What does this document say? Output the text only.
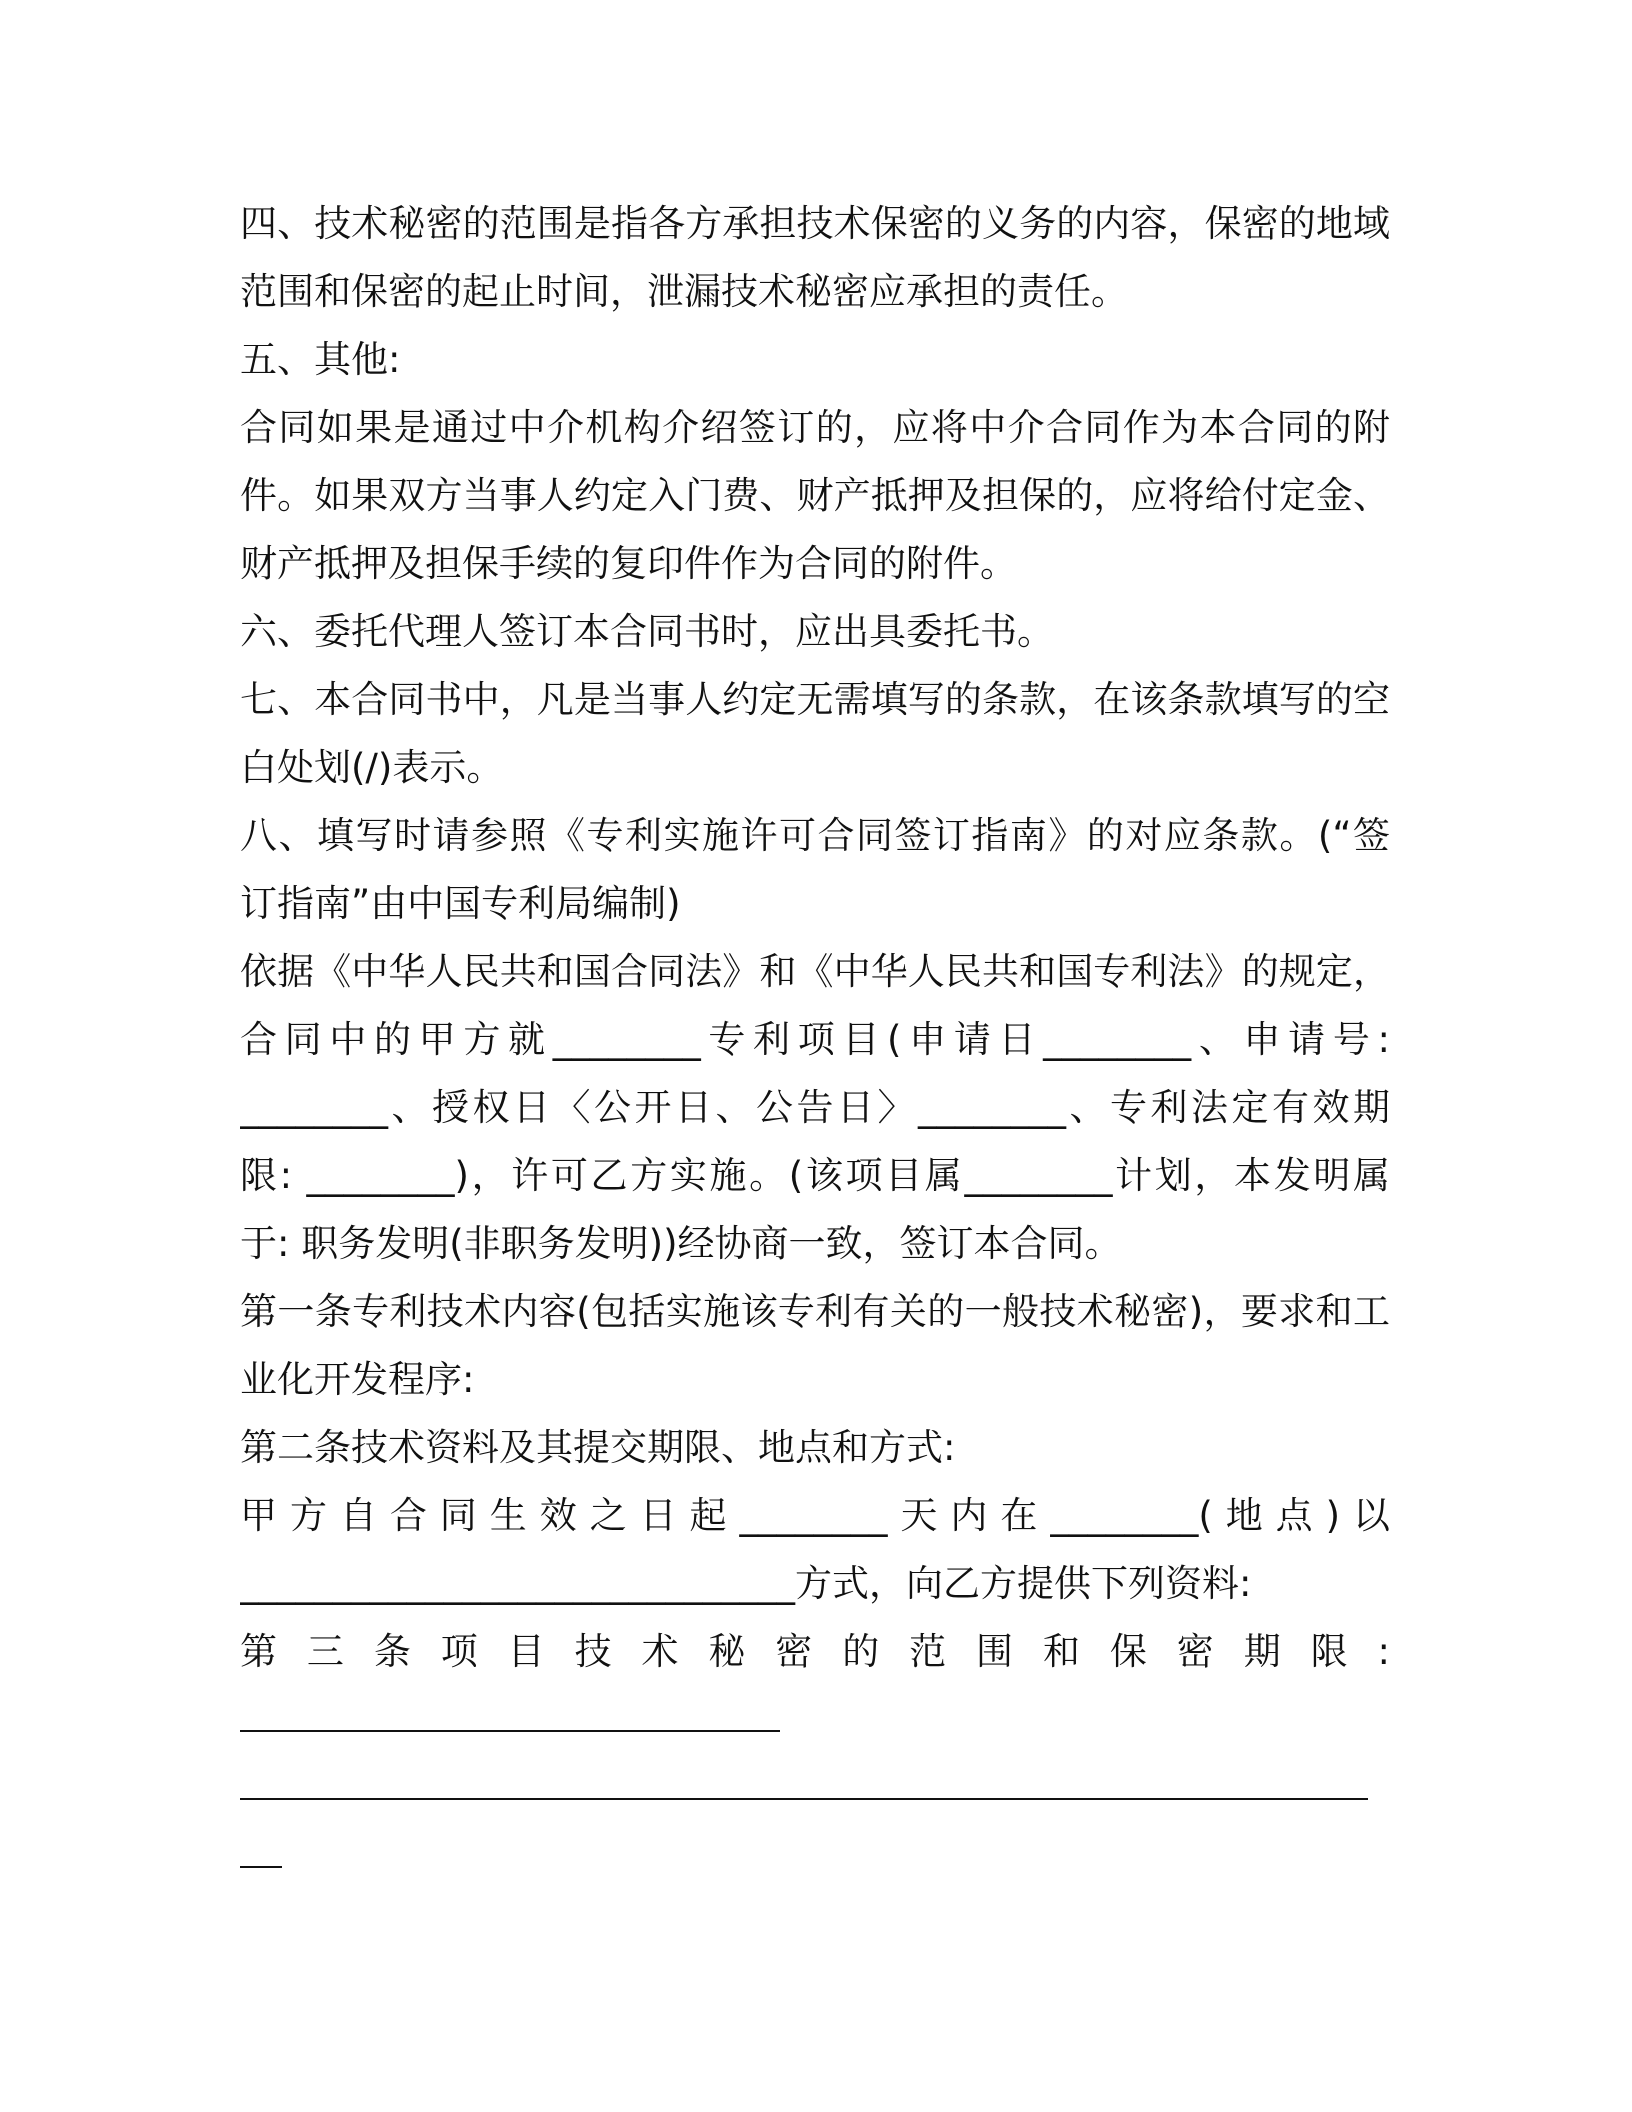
四、技术秘密的范围是指各方承担技术保密的义务的内容，保密的地域
范围和保密的起止时间，泄漏技术秘密应承担的责任。
五、其他:
合同如果是通过中介机构介绍签订的，应将中介合同作为本合同的附
件。如果双方当事人约定入门费、财产抵押及担保的，应将给付定金、
财产抵押及担保手续的复印件作为合同的附件。
六、委托代理人签订本合同书时，应出具委托书。
七、本合同书中，凡是当事人约定无需填写的条款，在该条款填写的空
白处划(/)表示。
八、填写时请参照《专利实施许可合同签订指南》的对应条款。(“签
订指南”由中国专利局编制)
依据《中华人民共和国合同法》和《中华人民共和国专利法》的规定，
合同中的甲方就________专利项目(申请日________、申请号:
________、授权日〈公开日、公告日〉________、专利法定有效期
限: ________)，许可乙方实施。(该项目属________计划，本发明属
于: 职务发明(非职务发明))经协商一致，签订本合同。
第一条专利技术内容(包括实施该专利有关的一般技术秘密)，要求和工
业化开发程序:
第二条技术资料及其提交期限、地点和方式:
甲方自合同生效之日起________天内在________(地点)以
______________________________方式，向乙方提供下列资料:
第三条项目技术秘密的范围和保密期限:
